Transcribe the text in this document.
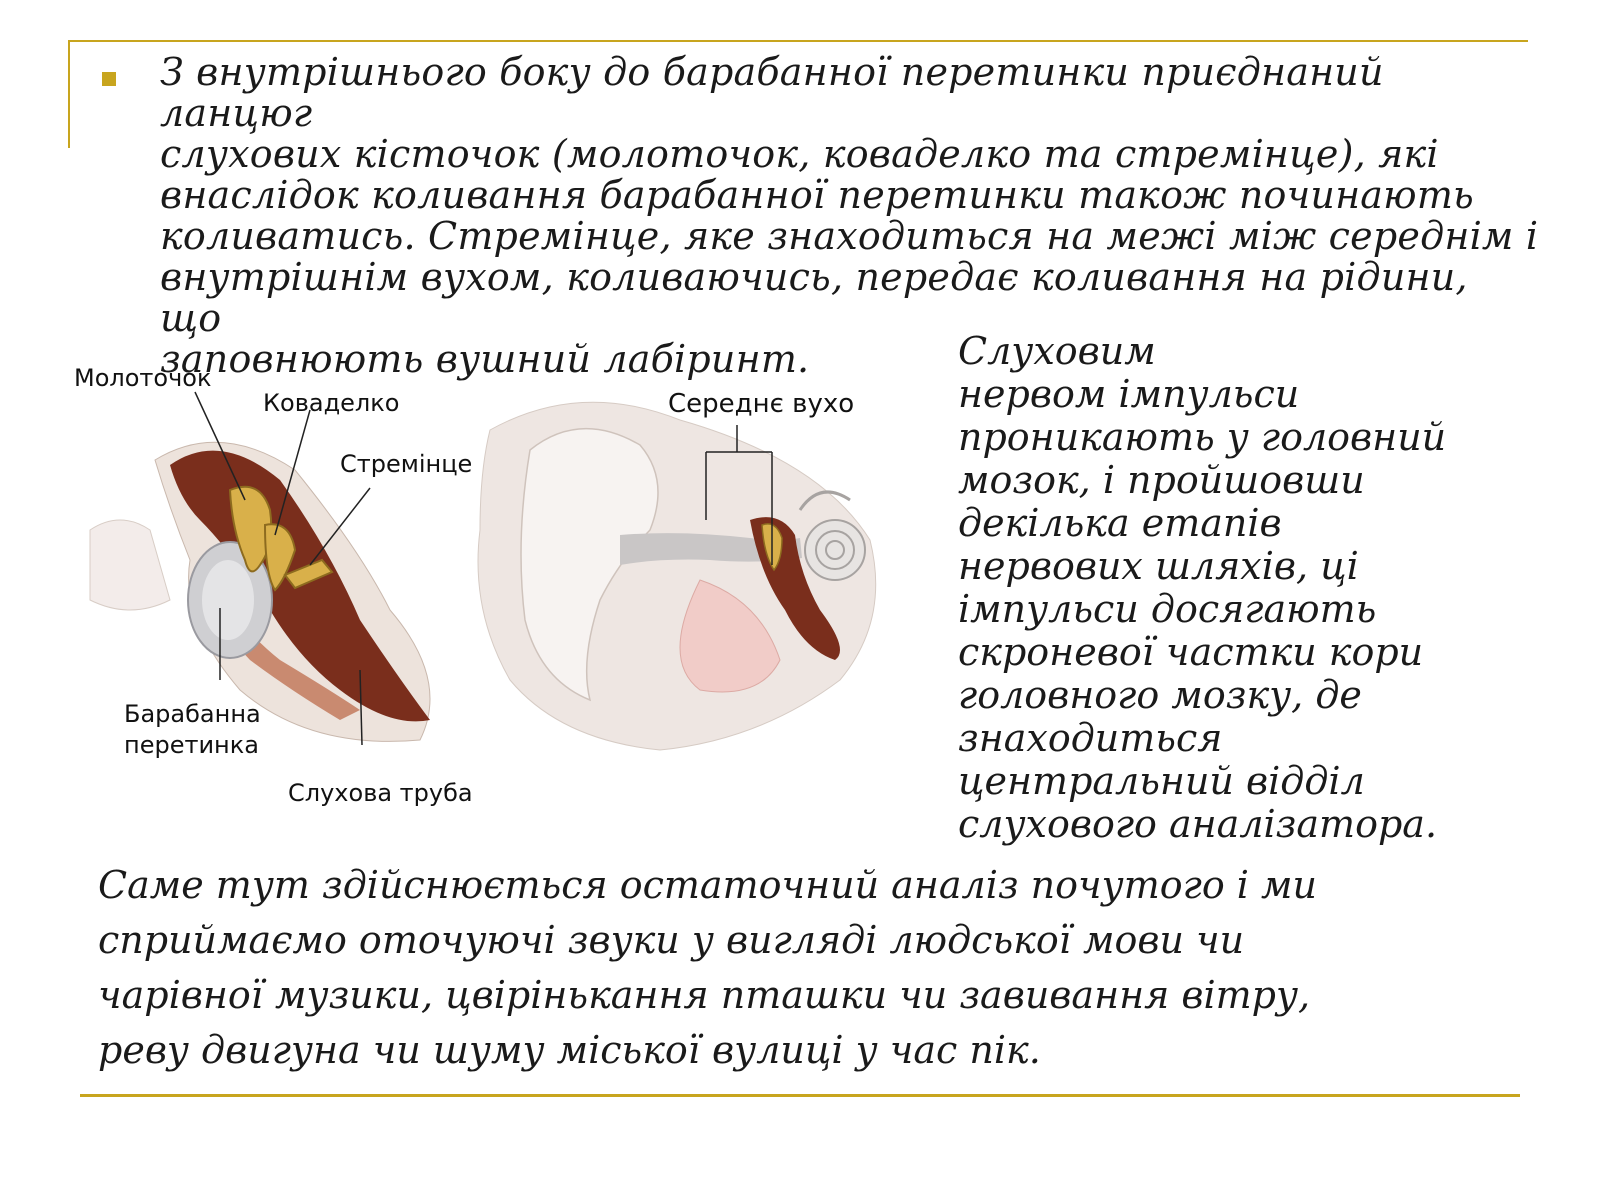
З внутрішнього боку до барабанної перетинки приєднаний ланцюг
слухових кісточок (молоточок, коваделко та стремінце), які
внаслідок коливання барабанної перетинки також починають
коливатись. Стремінце, яке знаходиться на межі між середнім і
внутрішнім вухом, коливаючись, передає коливання на рідини, що
заповнюють вушний лабіринт.

Молоточок
Коваделко
Стремінце
Барабанна
перетинка
Слухова труба
Середнє вухо

Слуховим
нервом імпульси
проникають у головний
мозок, і пройшовши
декілька етапів
нервових шляхів, ці
імпульси досягають
скроневої частки кори
головного мозку, де
знаходиться
центральний відділ
слухового аналізатора.

Саме тут здійснюється остаточний аналіз почутого і ми
сприймаємо оточуючі звуки у вигляді людської мови чи
чарівної музики, цвірінькання пташки чи завивання вітру,
реву двигуна чи шуму міської вулиці у час пік.
